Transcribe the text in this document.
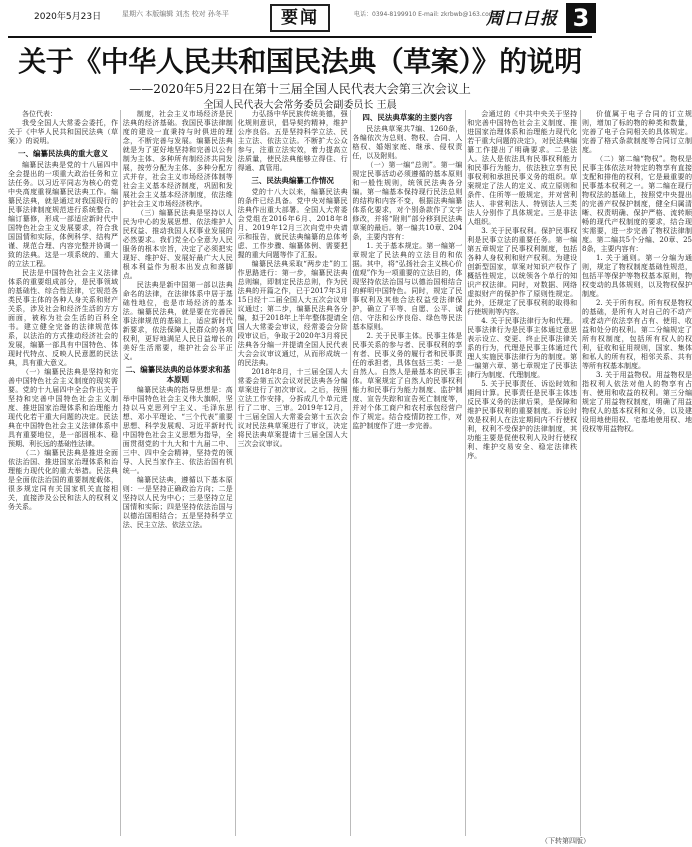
2020年5月23日	星期六 本版编辑 刘杰 校对 孙冬平	要闻	电话：0394-8199910 E-mail: zkrbwb@163.com
周口日报 3
关于《中华人民共和国民法典（草案）》的说明
——2020年5月22日在第十三届全国人民代表大会第三次会议上
全国人民代表大会常务委员会副委员长 王晨

各位代表：

我受全国人大常委会委托，作关于《中华人民共和国民法典（草案）》的说明。

一、编纂民法典的重大意义

编纂民法典是党的十八届四中全会提出的一项重大政治任务和立法任务。以习近平同志为核心的党中央高度重视编纂民法典工作。编纂民法典，就是通过对我国现行的民事法律制度规范进行系统整合、编订纂修，形成一部适应新时代中国特色社会主义发展要求，符合我国国情和实际，体例科学、结构严谨、规范合理、内容完整并协调一致的法典。这是一项系统的、重大的立法工程。

民法是中国特色社会主义法律体系的重要组成部分，是民事领域的基础性、综合性法律，它规范各类民事主体的各种人身关系和财产关系，涉及社会和经济生活的方方面面，被称为社会生活的百科全书。建立健全完备的法律规范体系，以法治的方式推动经济社会的发展，编纂一部具有中国特色、体现时代特点、反映人民意愿的民法典，具有重大意义。

（一）编纂民法典是坚持和完善中国特色社会主义制度的现实需要。党的十九届四中全会作出关于坚持和完善中国特色社会主义制度、推进国家治理体系和治理能力现代化若干重大问题的决定。民法典在中国特色社会主义法律体系中具有重要地位，是一部固根本、稳预期、利长远的基础性法律。

（二）编纂民法典是推进全面依法治国、推进国家治理体系和治理能力现代化的重大举措。民法典是全面依法治国的重要制度载体，很多规定同有关国家机关直接相关，直接涉及公民和法人的权利义务关系。

制度，社会主义市场经济是民法典的经济基础。我国民事法律制度的建设一直秉持与时俱进的理念，不断完善与发展。编纂民法典就是为了更好地坚持和完善以公有制为主体、多种所有制经济共同发展，按劳分配为主体、多种分配方式并存，社会主义市场经济体制等社会主义基本经济制度，巩固和发展社会主义基本经济制度，依法维护社会主义市场经济秩序。

（三）编纂民法典是坚持以人民为中心的发展思想、依法维护人民权益、推动我国人权事业发展的必然要求。我们党全心全意为人民服务的根本宗旨，决定了必须把实现好、维护好、发展好最广大人民根本利益作为根本出发点和落脚点。

民法典是新中国第一部以法典命名的法律，在法律体系中居于基础性地位，也是市场经济的基本法。编纂民法典，就是要在完善民事法律规范的基础上，适应新时代新要求，依法保障人民群众的各项权利，更好地满足人民日益增长的美好生活需要，维护社会公平正义。

二、编纂民法典的总体要求和基本原则

编纂民法典的指导思想是：高举中国特色社会主义伟大旗帜，坚持以马克思列宁主义、毛泽东思想、邓小平理论、“三个代表”重要思想、科学发展观、习近平新时代中国特色社会主义思想为指导，全面贯彻党的十九大和十九届二中、三中、四中全会精神，坚持党的领导、人民当家作主、依法治国有机统一。

编纂民法典，遵循以下基本原则：一是坚持正确政治方向；二是坚持以人民为中心；三是坚持立足国情和实际；四是坚持依法治国与以德治国相结合；五是坚持科学立法、民主立法、依法立法。

力弘扬中华民族传统美德，强化规则意识，倡导契约精神，维护公序良俗。五是坚持科学立法、民主立法、依法立法。不断扩大公众参与，注重立法实效，着力提高立法质量，使民法典能够立得住、行得通、真管用。

三、民法典编纂工作情况

党的十八大以来，编纂民法典的条件已经具备。党中央对编纂民法典作出重大部署。全国人大常委会党组在2016年6月、2018年8月、2019年12月三次向党中央请示和报告，就民法典编纂的总体考虑、工作步骤、编纂体例、需要把握的重大问题等作了汇报。

编纂民法典采取“两步走”的工作思路进行：第一步，编纂民法典总则编，即制定民法总则，作为民法典的开篇之作，已于2017年3月15日经十二届全国人大五次会议审议通过；第二步，编纂民法典各分编，拟于2018年上半年整体提请全国人大常委会审议，经常委会分阶段审议后，争取于2020年3月将民法典各分编一并提请全国人民代表大会会议审议通过，从而形成统一的民法典。

2018年8月，十三届全国人大常委会第五次会议对民法典各分编草案进行了初次审议。之后，按照立法工作安排，分拆成几个单元进行了二审、三审。2019年12月，十三届全国人大常委会第十五次会议对民法典草案进行了审议，决定将民法典草案提请十三届全国人大三次会议审议。

四、民法典草案的主要内容

民法典草案共7编、1260条，各编依次为总则、物权、合同、人格权、婚姻家庭、继承、侵权责任，以及附则。

（一）第一编“总则”。第一编规定民事活动必须遵循的基本原则和一般性规则，统领民法典各分编。第一编基本保持现行民法总则的结构和内容不变，根据法典编纂体系化要求，对个别条款作了文字修改，并将“附则”部分移到民法典草案的最后。第一编共10章、204条，主要内容有：

1. 关于基本规定。第一编第一章规定了民法典的立法目的和依据。其中，将“弘扬社会主义核心价值观”作为一项重要的立法目的，体现坚持依法治国与以德治国相结合的鲜明中国特色。同时，规定了民事权利及其他合法权益受法律保护，确立了平等、自愿、公平、诚信、守法和公序良俗、绿色等民法基本原则。

2. 关于民事主体。民事主体是民事关系的参与者、民事权利的享有者、民事义务的履行者和民事责任的承担者，具体包括三类：一是自然人。自然人是最基本的民事主体。草案规定了自然人的民事权利能力和民事行为能力制度、监护制度、宣告失踪和宣告死亡制度等，并对个体工商户和农村承包经营户作了规定。结合疫情防控工作，对监护制度作了进一步完善。

会通过的《中共中央关于坚持和完善中国特色社会主义制度、推进国家治理体系和治理能力现代化若干重大问题的决定》，对民法典编纂工作提出了明确要求。二是法人。法人是依法具有民事权利能力和民事行为能力，依法独立享有民事权利和承担民事义务的组织。草案规定了法人的定义、成立原则和条件、住所等一般规定，并对营利法人、非营利法人、特别法人三类法人分别作了具体规定。三是非法人组织。

3. 关于民事权利。保护民事权利是民事立法的重要任务。第一编第五章规定了民事权利制度，包括各种人身权利和财产权利。为建设创新型国家，草案对知识产权作了概括性规定，以统领各个单行的知识产权法律。同时，对数据、网络虚拟财产的保护作了原则性规定。此外，还规定了民事权利的取得和行使规则等内容。

4. 关于民事法律行为和代理。民事法律行为是民事主体通过意思表示设立、变更、终止民事法律关系的行为，代理是民事主体通过代理人实施民事法律行为的制度。第一编第六章、第七章规定了民事法律行为制度、代理制度。

5. 关于民事责任、诉讼时效和期间计算。民事责任是民事主体违反民事义务的法律后果，是保障和维护民事权利的重要制度。诉讼时效是权利人在法定期间内不行使权利，权利不受保护的法律制度，其功能主要是促使权利人及时行使权利、维护交易安全、稳定法律秩序。

价值属于电子合同的订立规则，增加了标的物的种类和数量，完善了电子合同相关的具体规定。完善了格式条款制度等合同订立制度。

（二）第二编“物权”。物权是民事主体依法对特定的物享有直接支配和排他的权利，它是最重要的民事基本权利之一。第二编在现行物权法的基础上，按照党中央提出的完善产权保护制度，健全归属清晰、权责明确、保护严格、流转顺畅的现代产权制度的要求，结合现实需要，进一步完善了物权法律制度。第二编共5个分编、20章、258条，主要内容有：

1. 关于通则。第一分编为通则，规定了物权制度基础性规范，包括平等保护等物权基本原则，物权变动的具体规则，以及物权保护制度。

2. 关于所有权。所有权是物权的基础，是所有人对自己的不动产或者动产依法享有占有、使用、收益和处分的权利。第二分编规定了所有权制度，包括所有权人的权利，征收和征用规则，国家、集体和私人的所有权，相邻关系、共有等所有权基本制度。

3. 关于用益物权。用益物权是指权利人依法对他人的物享有占有、使用和收益的权利。第三分编规定了用益物权制度，明确了用益物权人的基本权利和义务，以及建设用地使用权、宅基地使用权、地役权等用益物权。

（下转第四版）
